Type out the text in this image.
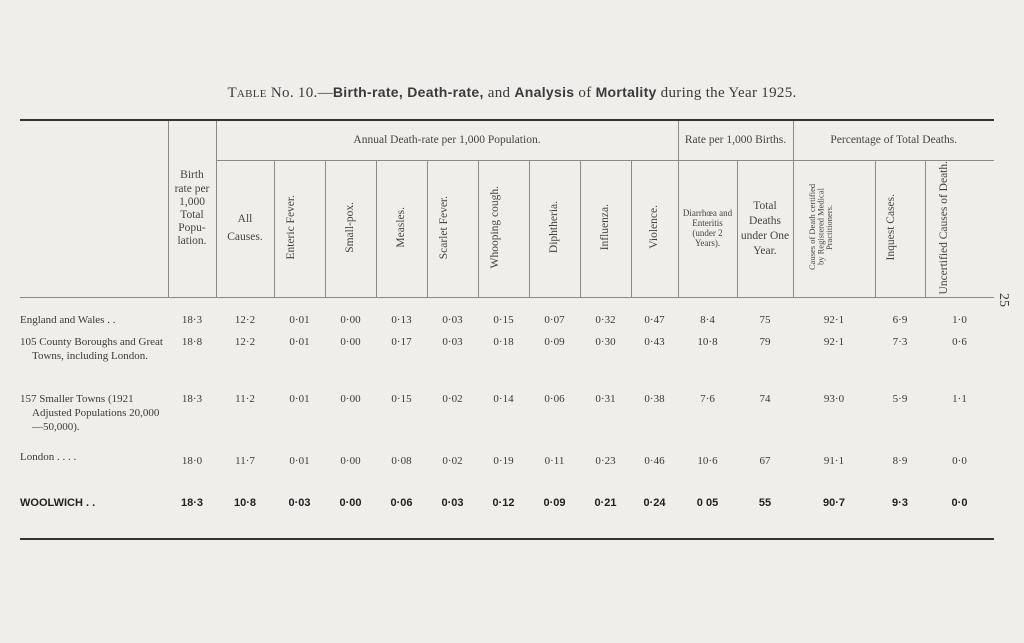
Table No. 10.—Birth-rate, Death-rate, and Analysis of Mortality during the Year 1925.
25

	Birth rate per 1,000 Total Popu-lation.	Annual Death-rate per 1,000 Population.									Rate per 1,000 Births.		Percentage of Total Deaths.		

		All Causes.	Enteric Fever.	Small-pox.	Measles.	Scarlet Fever.	Whooping cough.	Diphtheria.	Influenza.	Violence.	Diarrhœa and Enteritis (under 2 Years).	Total Deaths under One Year.	Causes of Death certified by Registered Medical Practitioners.	Inquest Cases.	Uncertified Causes of Death.
England and Wales . .	18·3	12·2	0·01	0·00	0·13	0·03	0·15	0·07	0·32	0·47	8·4	75	92·1	6·9	1·0
105 County Boroughs and Great Towns, including London.	18·8	12·2	0·01	0·00	0·17	0·03	0·18	0·09	0·30	0·43	10·8	79	92·1	7·3	0·6
157 Smaller Towns (1921 Adjusted Populations 20,000 —50,000).	18·3	11·2	0·01	0·00	0·15	0·02	0·14	0·06	0·31	0·38	7·6	74	93·0	5·9	1·1
London . . . .	18·0	11·7	0·01	0·00	0·08	0·02	0·19	0·11	0·23	0·46	10·6	67	91·1	8·9	0·0
WOOLWICH . .	18·3	10·8	0·03	0·00	0·06	0·03	0·12	0·09	0·21	0·24	0 05	55	90·7	9·3	0·0
